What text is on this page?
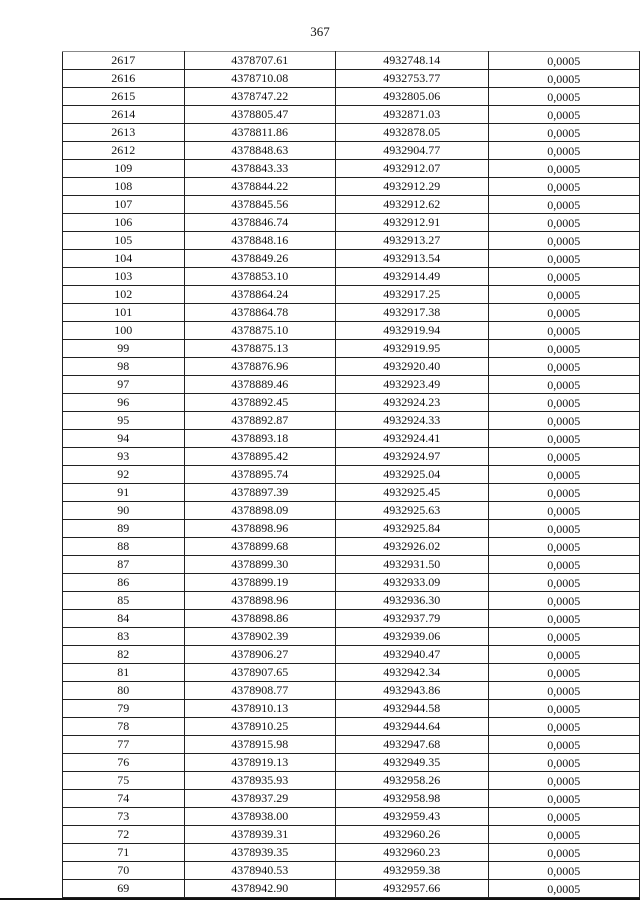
367
2617	4378707.61	4932748.14	0,0005
2616	4378710.08	4932753.77	0,0005
2615	4378747.22	4932805.06	0,0005
2614	4378805.47	4932871.03	0,0005
2613	4378811.86	4932878.05	0,0005
2612	4378848.63	4932904.77	0,0005
109	4378843.33	4932912.07	0,0005
108	4378844.22	4932912.29	0,0005
107	4378845.56	4932912.62	0,0005
106	4378846.74	4932912.91	0,0005
105	4378848.16	4932913.27	0,0005
104	4378849.26	4932913.54	0,0005
103	4378853.10	4932914.49	0,0005
102	4378864.24	4932917.25	0,0005
101	4378864.78	4932917.38	0,0005
100	4378875.10	4932919.94	0,0005
99	4378875.13	4932919.95	0,0005
98	4378876.96	4932920.40	0,0005
97	4378889.46	4932923.49	0,0005
96	4378892.45	4932924.23	0,0005
95	4378892.87	4932924.33	0,0005
94	4378893.18	4932924.41	0,0005
93	4378895.42	4932924.97	0,0005
92	4378895.74	4932925.04	0,0005
91	4378897.39	4932925.45	0,0005
90	4378898.09	4932925.63	0,0005
89	4378898.96	4932925.84	0,0005
88	4378899.68	4932926.02	0,0005
87	4378899.30	4932931.50	0,0005
86	4378899.19	4932933.09	0,0005
85	4378898.96	4932936.30	0,0005
84	4378898.86	4932937.79	0,0005
83	4378902.39	4932939.06	0,0005
82	4378906.27	4932940.47	0,0005
81	4378907.65	4932942.34	0,0005
80	4378908.77	4932943.86	0,0005
79	4378910.13	4932944.58	0,0005
78	4378910.25	4932944.64	0,0005
77	4378915.98	4932947.68	0,0005
76	4378919.13	4932949.35	0,0005
75	4378935.93	4932958.26	0,0005
74	4378937.29	4932958.98	0,0005
73	4378938.00	4932959.43	0,0005
72	4378939.31	4932960.26	0,0005
71	4378939.35	4932960.23	0,0005
70	4378940.53	4932959.38	0,0005
69	4378942.90	4932957.66	0,0005
